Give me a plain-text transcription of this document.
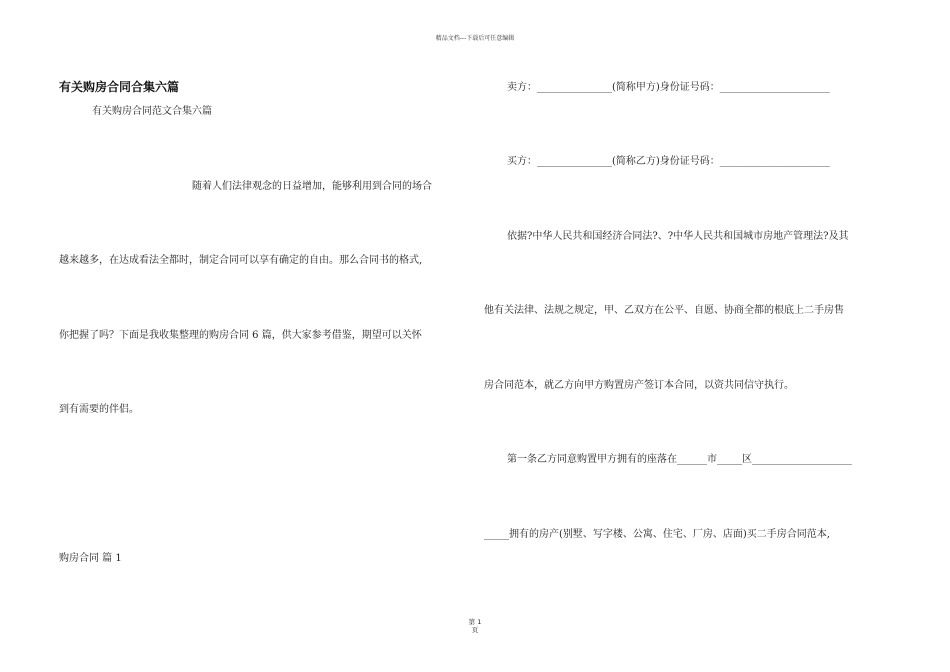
精品文档---下载后可任意编辑
有关购房合同合集六篇
有关购房合同范文合集六篇
随着人们法律观念的日益增加，能够利用到合同的场合
越来越多，在达成看法全都时，制定合同可以享有确定的自由。那么合同书的格式,
你把握了吗？下面是我收集整理的购房合同 6 篇，供大家参考借鉴，期望可以关怀
到有需要的伴侣。
购房合同 篇 1
卖方：_______________(简称甲方)身份证号码：______________________
买方：_______________(简称乙方)身份证号码：______________________
依据?中华人民共和国经济合同法?、?中华人民共和国城市房地产管理法?及其
他有关法律、法规之规定，甲、乙双方在公平、自愿、协商全都的根底上二手房售
房合同范本，就乙方向甲方购置房产签订本合同，以资共同信守执行。
第一条乙方同意购置甲方拥有的座落在______市_____区____________________
_____拥有的房产(别墅、写字楼、公寓、住宅、厂房、店面)买二手房合同范本,
第 1
页
